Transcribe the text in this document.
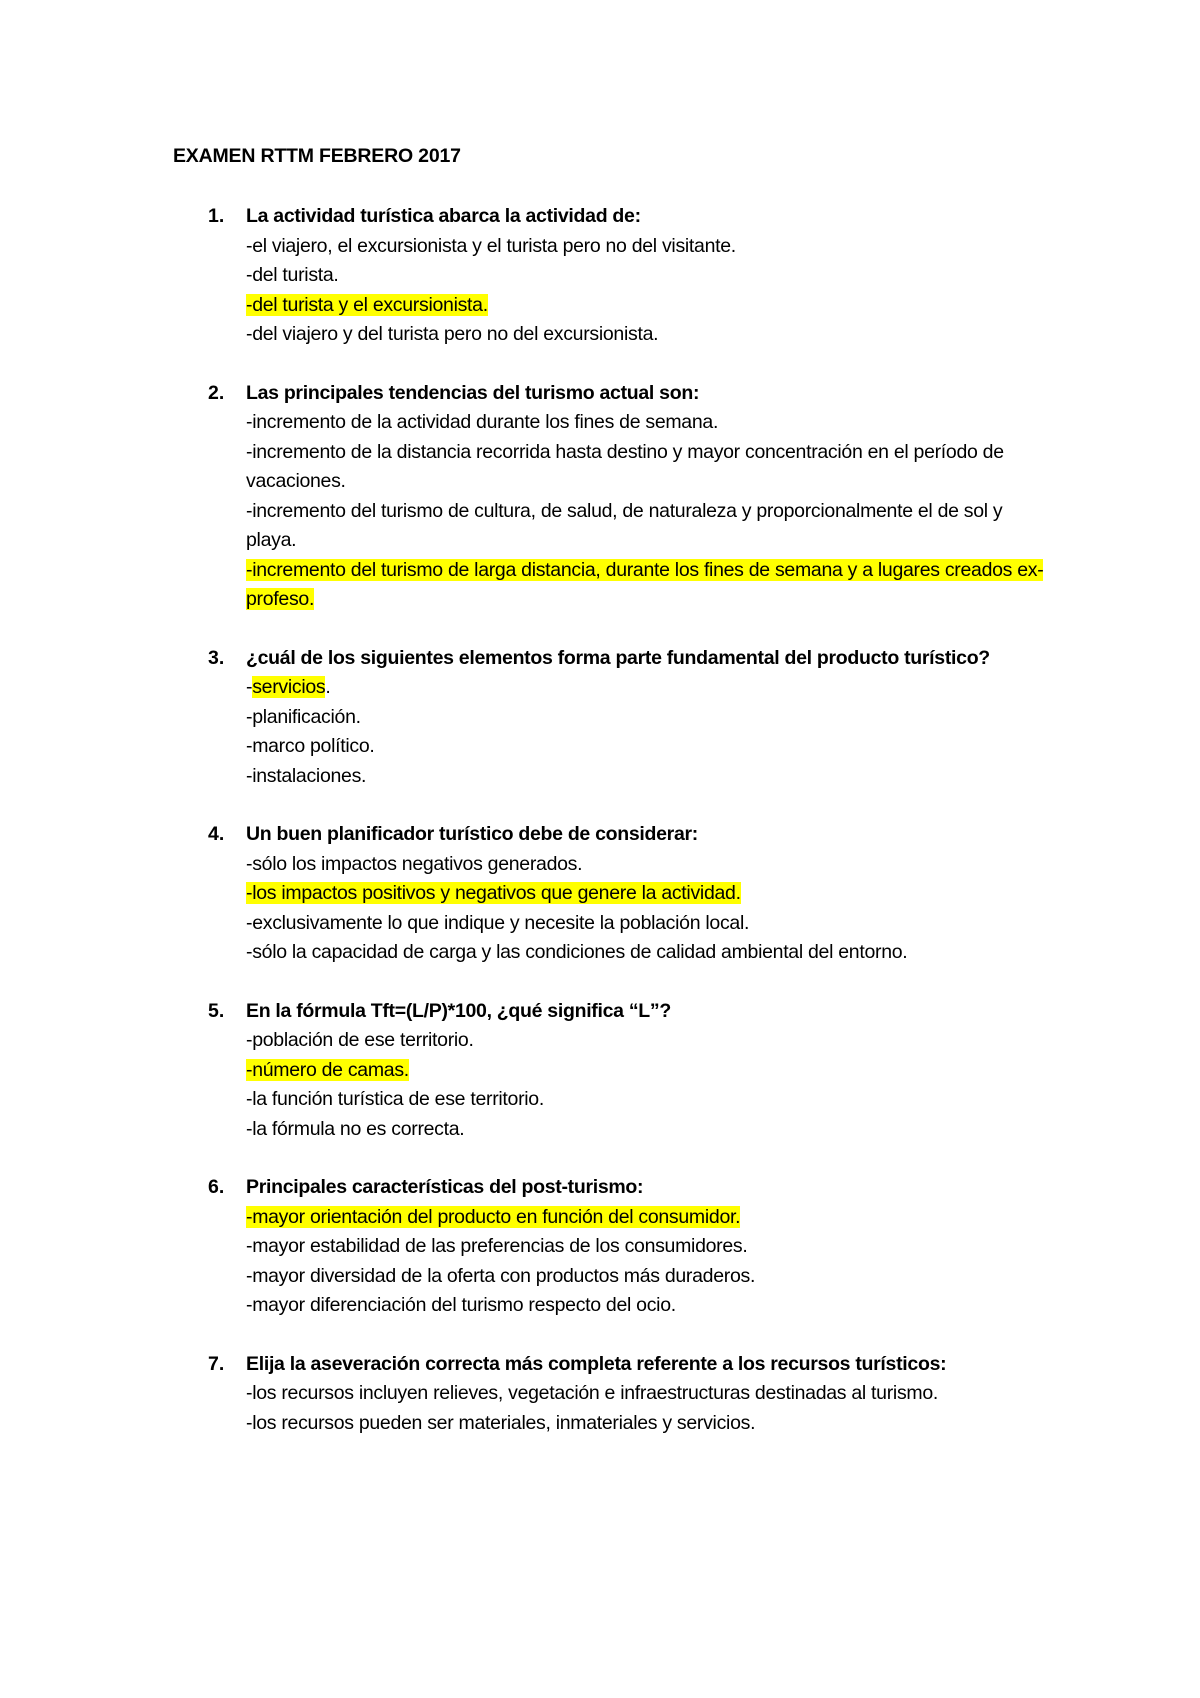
EXAMEN RTTM FEBRERO 2017
1. La actividad turística abarca la actividad de:
-el viajero, el excursionista y el turista pero no del visitante.
-del turista.
-del turista y el excursionista.
-del viajero y del turista pero no del excursionista.
2. Las principales tendencias del turismo actual son:
-incremento de la actividad durante los fines de semana.
-incremento de la distancia recorrida hasta destino y mayor concentración en el período de vacaciones.
-incremento del turismo de cultura, de salud, de naturaleza y proporcionalmente el de sol y playa.
-incremento del turismo de larga distancia, durante los fines de semana y a lugares creados ex-profeso.
3. ¿cuál de los siguientes elementos forma parte fundamental del producto turístico?
-servicios.
-planificación.
-marco político.
-instalaciones.
4. Un buen planificador turístico debe de considerar:
-sólo los impactos negativos generados.
-los impactos positivos y negativos que genere la actividad.
-exclusivamente lo que indique y necesite la población local.
-sólo la capacidad de carga y las condiciones de calidad ambiental del entorno.
5. En la fórmula Tft=(L/P)*100, ¿qué significa “L”?
-población de ese territorio.
-número de camas.
-la función turística de ese territorio.
-la fórmula no es correcta.
6. Principales características del post-turismo:
-mayor orientación del producto en función del consumidor.
-mayor estabilidad de las preferencias de los consumidores.
-mayor diversidad de la oferta con productos más duraderos.
-mayor diferenciación del turismo respecto del ocio.
7. Elija la aseveración correcta más completa referente a los recursos turísticos:
-los recursos incluyen relieves, vegetación e infraestructuras destinadas al turismo.
-los recursos pueden ser materiales, inmateriales y servicios.
